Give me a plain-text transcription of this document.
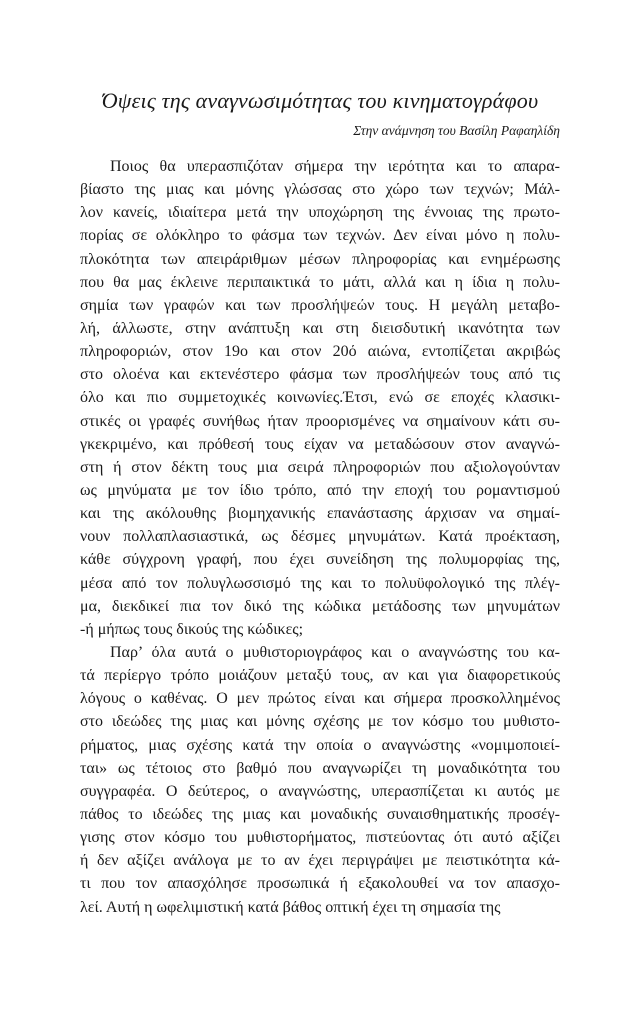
Όψεις της αναγνωσιμότητας του κινηματογράφου
Στην ανάμνηση του Βασίλη Ραφαηλίδη
Ποιος θα υπερασπιζόταν σήμερα την ιερότητα και το απαρα-
βίαστο της μιας και μόνης γλώσσας στο χώρο των τεχνών; Μάλ-
λον κανείς, ιδιαίτερα μετά την υποχώρηση της έννοιας της πρωτο-
πορίας σε ολόκληρο το φάσμα των τεχνών. Δεν είναι μόνο η πολυ-
πλοκότητα των απειράριθμων μέσων πληροφορίας και ενημέρωσης
που θα μας έκλεινε περιπαικτικά το μάτι, αλλά και η ίδια η πολυ-
σημία των γραφών και των προσλήψεών τους. Η μεγάλη μεταβο-
λή, άλλωστε, στην ανάπτυξη και στη διεισδυτική ικανότητα των
πληροφοριών, στον 19ο και στον 20ό αιώνα, εντοπίζεται ακριβώς
στο ολοένα και εκτενέστερο φάσμα των προσλήψεών τους από τις
όλο και πιο συμμετοχικές κοινωνίες.Έτσι, ενώ σε εποχές κλασικι-
στικές οι γραφές συνήθως ήταν προορισμένες να σημαίνουν κάτι συ-
γκεκριμένο, και πρόθεσή τους είχαν να μεταδώσουν στον αναγνώ-
στη ή στον δέκτη τους μια σειρά πληροφοριών που αξιολογούνταν
ως μηνύματα με τον ίδιο τρόπο, από την εποχή του ρομαντισμού
και της ακόλουθης βιομηχανικής επανάστασης άρχισαν να σημαί-
νουν πολλαπλασιαστικά, ως δέσμες μηνυμάτων. Κατά προέκταση,
κάθε σύγχρονη γραφή, που έχει συνείδηση της πολυμορφίας της,
μέσα από τον πολυγλωσσισμό της και το πολυϋφολογικό της πλέγ-
μα, διεκδικεί πια τον δικό της κώδικα μετάδοσης των μηνυμάτων
-ή μήπως τους δικούς της κώδικες;
Παρ’ όλα αυτά ο μυθιστοριογράφος και ο αναγνώστης του κα-
τά περίεργο τρόπο μοιάζουν μεταξύ τους, αν και για διαφορετικούς
λόγους ο καθένας. Ο μεν πρώτος είναι και σήμερα προσκολλημένος
στο ιδεώδες της μιας και μόνης σχέσης με τον κόσμο του μυθιστο-
ρήματος, μιας σχέσης κατά την οποία ο αναγνώστης «νομιμοποιεί-
ται» ως τέτοιος στο βαθμό που αναγνωρίζει τη μοναδικότητα του
συγγραφέα. Ο δεύτερος, ο αναγνώστης, υπερασπίζεται κι αυτός με
πάθος το ιδεώδες της μιας και μοναδικής συναισθηματικής προσέγ-
γισης στον κόσμο του μυθιστορήματος, πιστεύοντας ότι αυτό αξίζει
ή δεν αξίζει ανάλογα με το αν έχει περιγράψει με πειστικότητα κά-
τι που τον απασχόλησε προσωπικά ή εξακολουθεί να τον απασχο-
λεί. Αυτή η ωφελιμιστική κατά βάθος οπτική έχει τη σημασία της
